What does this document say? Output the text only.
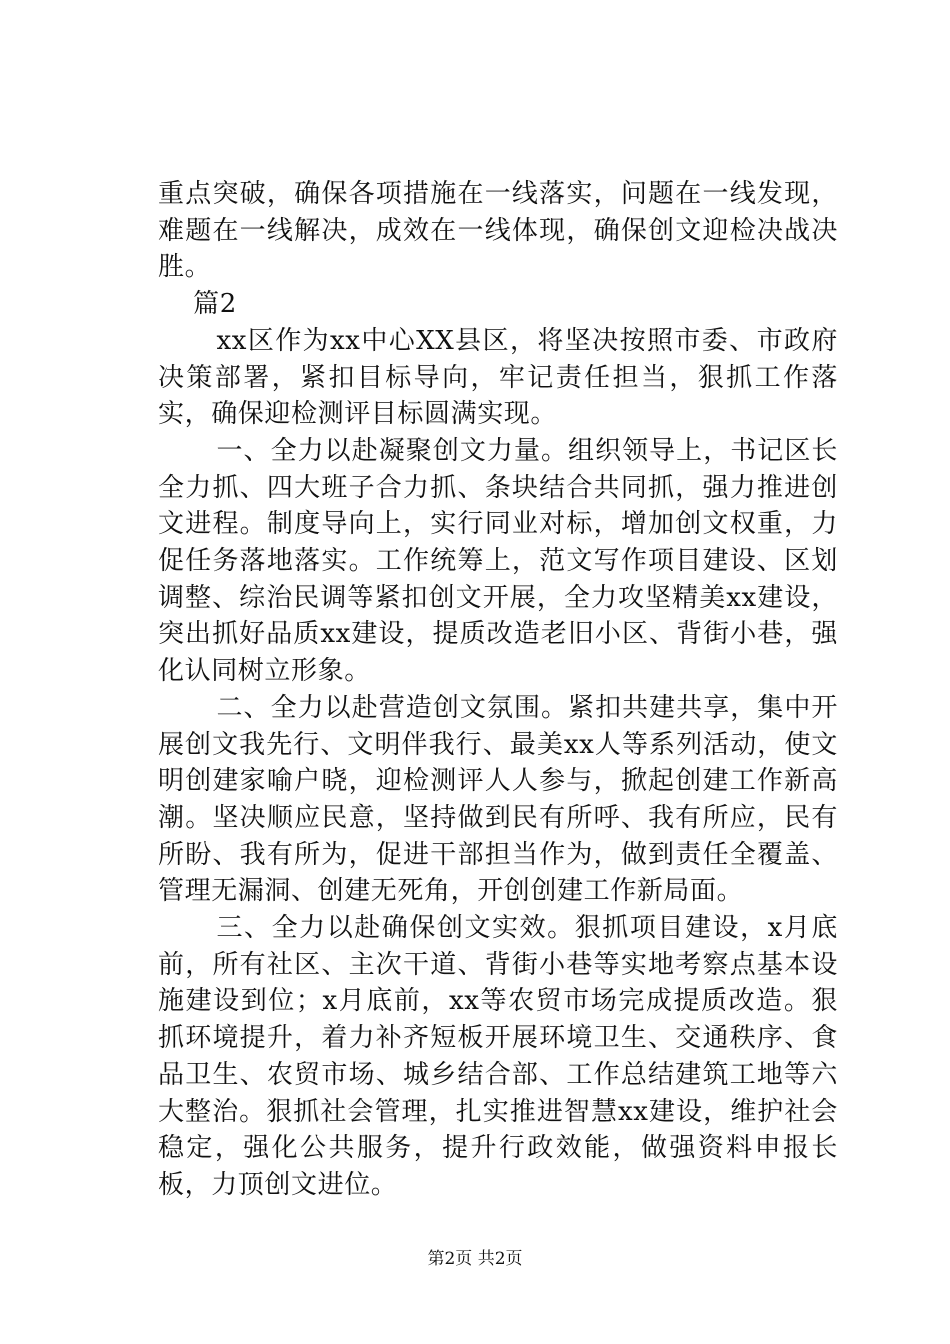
重点突破，确保各项措施在一线落实，问题在一线发现，难题在一线解决，成效在一线体现，确保创文迎检决战决胜。

篇2

xx区作为xx中心XX县区，将坚决按照市委、市政府决策部署，紧扣目标导向，牢记责任担当，狠抓工作落实，确保迎检测评目标圆满实现。

一、全力以赴凝聚创文力量。组织领导上，书记区长全力抓、四大班子合力抓、条块结合共同抓，强力推进创文进程。制度导向上，实行同业对标，增加创文权重，力促任务落地落实。工作统筹上，范文写作项目建设、区划调整、综治民调等紧扣创文开展，全力攻坚精美xx建设，突出抓好品质xx建设，提质改造老旧小区、背街小巷，强化认同树立形象。

二、全力以赴营造创文氛围。紧扣共建共享，集中开展创文我先行、文明伴我行、最美xx人等系列活动，使文明创建家喻户晓，迎检测评人人参与，掀起创建工作新高潮。坚决顺应民意，坚持做到民有所呼、我有所应，民有所盼、我有所为，促进干部担当作为，做到责任全覆盖、管理无漏洞、创建无死角，开创创建工作新局面。

三、全力以赴确保创文实效。狠抓项目建设，x月底前，所有社区、主次干道、背街小巷等实地考察点基本设施建设到位；x月底前，xx等农贸市场完成提质改造。狠抓环境提升，着力补齐短板开展环境卫生、交通秩序、食品卫生、农贸市场、城乡结合部、工作总结建筑工地等六大整治。狠抓社会管理，扎实推进智慧xx建设，维护社会稳定，强化公共服务，提升行政效能，做强资料申报长板，力顶创文进位。

第2页 共2页
